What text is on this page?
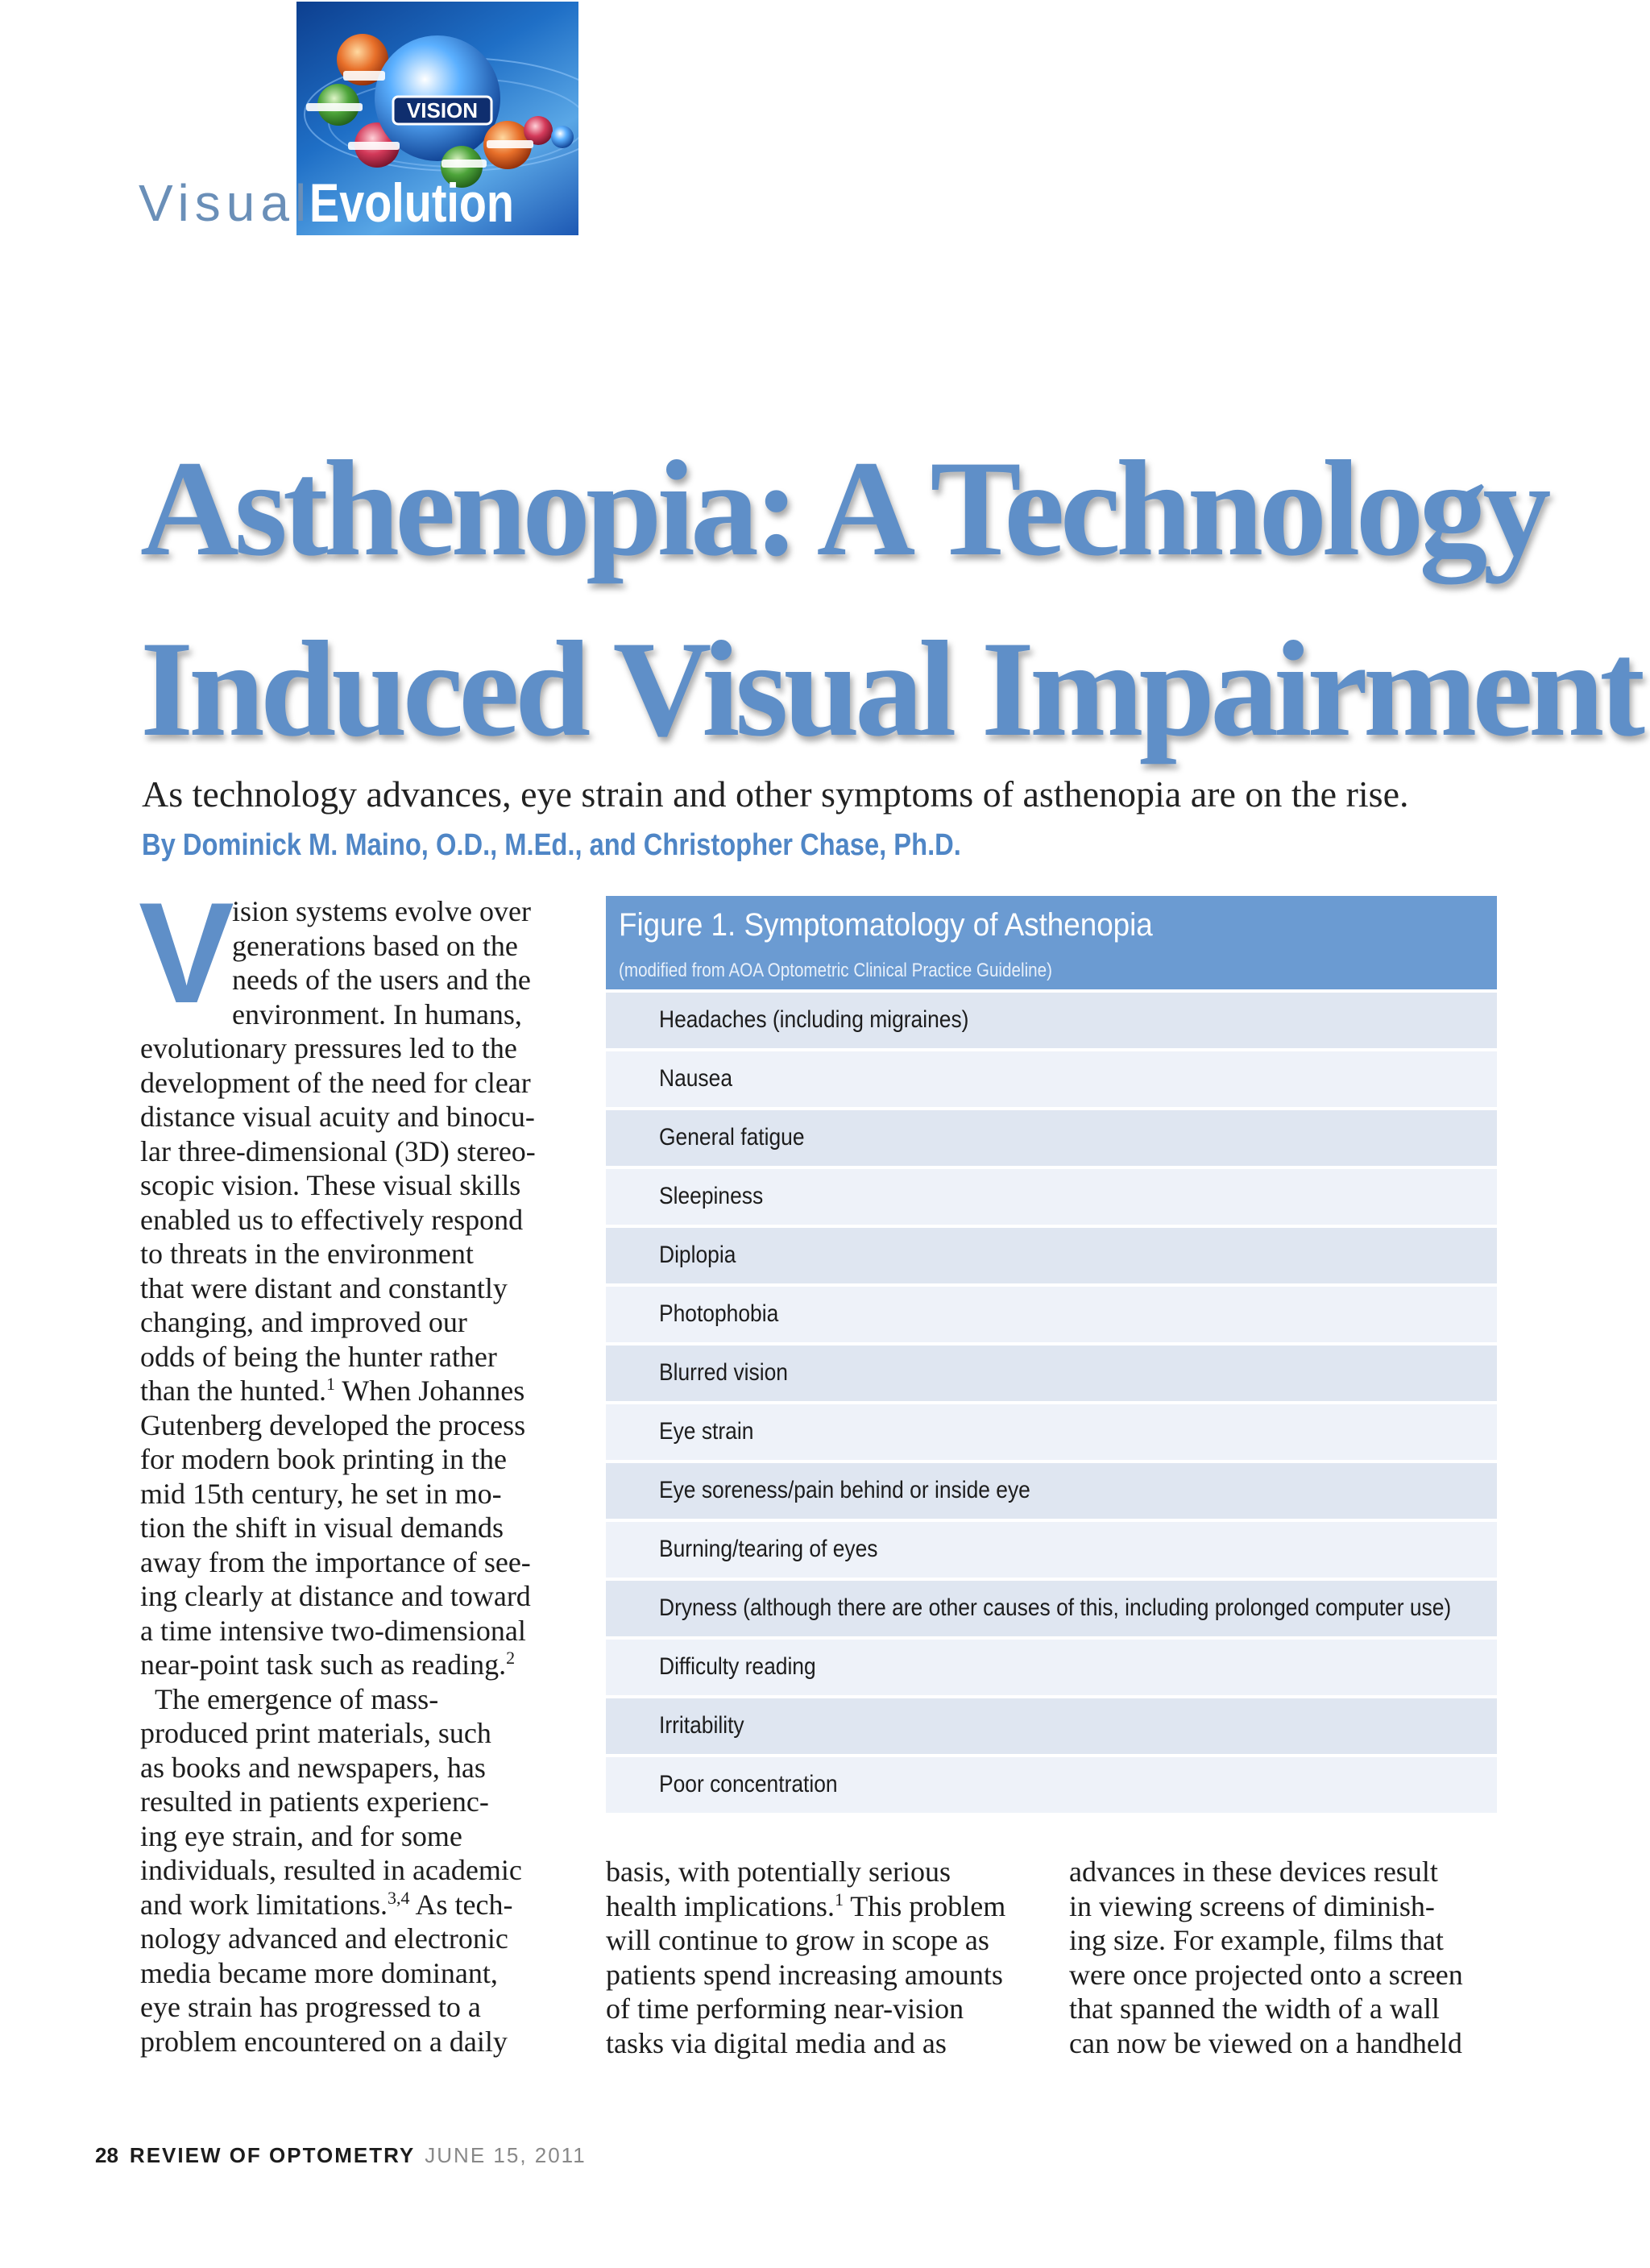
VISION
Visual
Evolution
Asthenopia: A Technology
Induced Visual Impairment
As technology advances, eye strain and other symptoms of asthenopia are on the rise.
By Dominick M. Maino, O.D., M.Ed., and Christopher Chase, Ph.D.
V

ision systems evolve over

generations based on the

needs of the users and the

environment. In humans,

evolutionary pressures led to the

development of the need for clear

distance visual acuity and binocu-

lar three-dimensional (3D) stereo-

scopic vision. These visual skills

enabled us to effectively respond

to threats in the environment

that were distant and constantly

changing, and improved our

odds of being the hunter rather

than the hunted.$^1$ When Johannes

Gutenberg developed the process

for modern book printing in the

mid 15th century, he set in mo-

tion the shift in visual demands

away from the importance of see-

ing clearly at distance and toward

a time intensive two-dimensional

near-point task such as reading.$^2$

The emergence of mass-

produced print materials, such

as books and newspapers, has

resulted in patients experienc-

ing eye strain, and for some

individuals, resulted in academic

and work limitations.$^{3,4}$ As tech-

nology advanced and electronic

media became more dominant,

eye strain has progressed to a

problem encountered on a daily

Figure 1. Symptomatology of Asthenopia
(modified from AOA Optometric Clinical Practice Guideline)
Headaches (including migraines)
Nausea
General fatigue
Sleepiness
Diplopia
Photophobia
Blurred vision
Eye strain
Eye soreness/pain behind or inside eye
Burning/tearing of eyes
Dryness (although there are other causes of this, including prolonged computer use)
Difficulty reading
Irritability
Poor concentration

basis, with potentially serious

health implications.$^1$ This problem

will continue to grow in scope as

patients spend increasing amounts

of time performing near-vision

tasks via digital media and as

advances in these devices result

in viewing screens of diminish-

ing size. For example, films that

were once projected onto a screen

that spanned the width of a wall

can now be viewed on a handheld

28 REVIEW OF OPTOMETRY JUNE 15, 2011
